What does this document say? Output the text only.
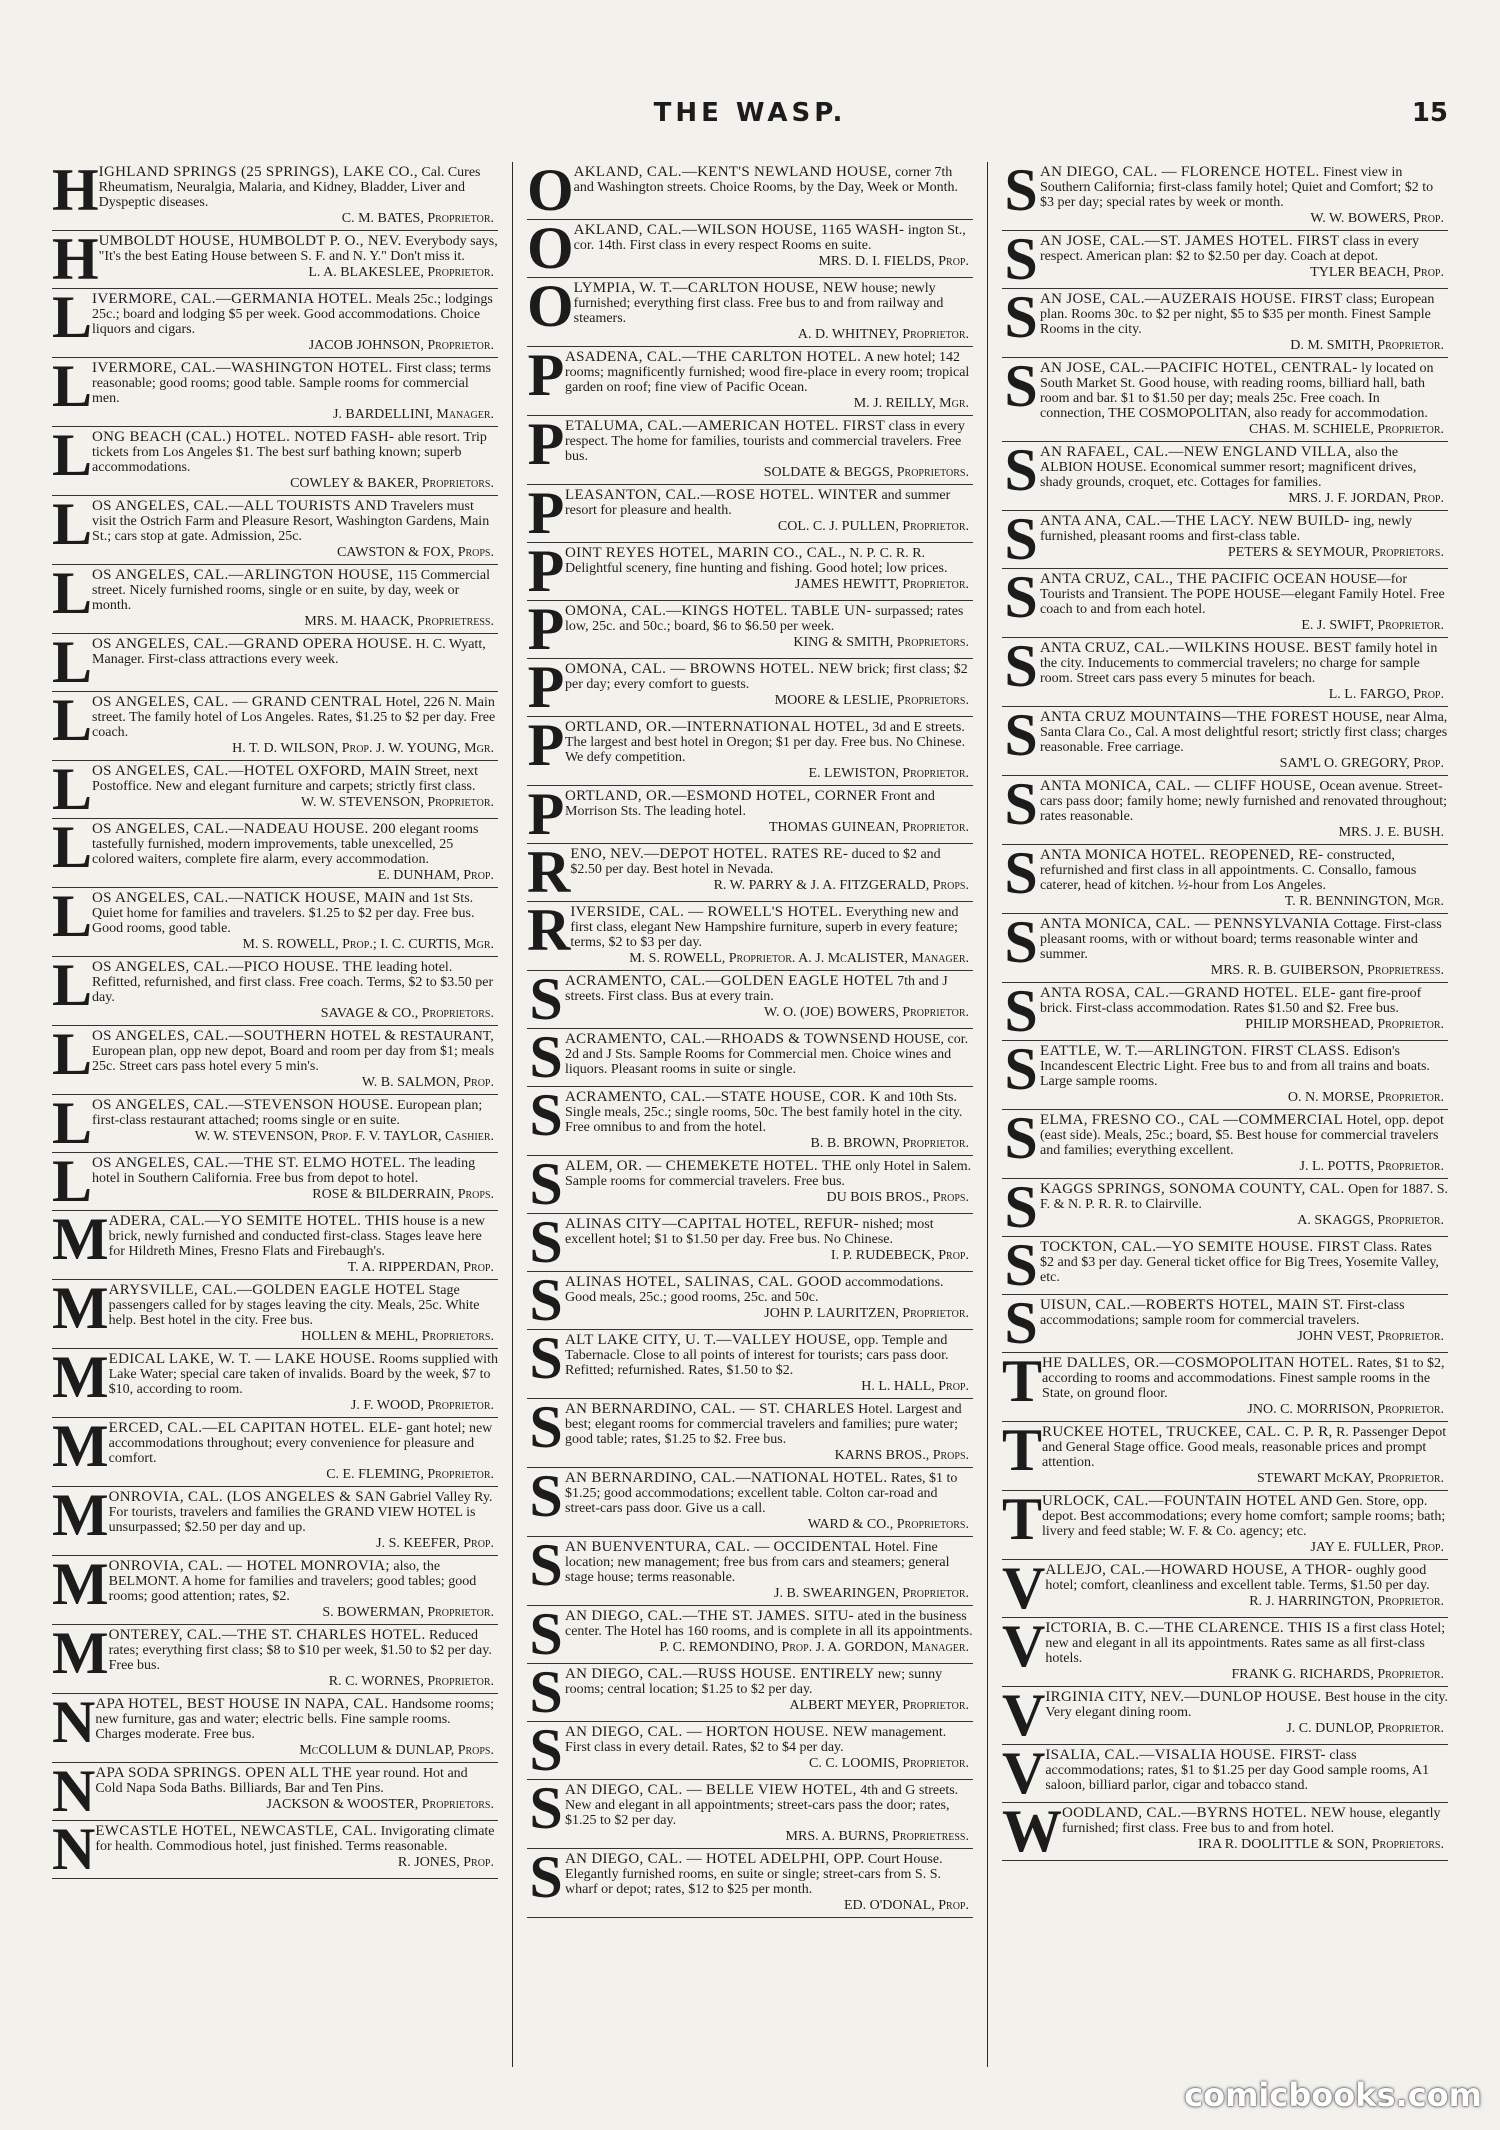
THE WASP.	15
H IGHLAND SPRINGS (25 SPRINGS), LAKE CO., Cal. Cures Rheumatism, Neuralgia, Malaria, and Kidney, Bladder, Liver and Dyspeptic diseases.
C. M. BATES, Proprietor.
H UMBOLDT HOUSE, HUMBOLDT P. O., NEV. Everybody says, "It's the best Eating House between S. F. and N. Y." Don't miss it.
L. A. BLAKESLEE, Proprietor.
L IVERMORE, CAL.—GERMANIA HOTEL. Meals 25c.; lodgings 25c.; board and lodging $5 per week. Good accommodations. Choice liquors and cigars.
JACOB JOHNSON, Proprietor.
L IVERMORE, CAL.—WASHINGTON HOTEL. First class; terms reasonable; good rooms; good table. Sample rooms for commercial men.
J. BARDELLINI, Manager.
L ONG BEACH (CAL.) HOTEL. NOTED FASH- able resort. Trip tickets from Los Angeles $1. The best surf bathing known; superb accommodations.
COWLEY & BAKER, Proprietors.
L OS ANGELES, CAL.—ALL TOURISTS AND Travelers must visit the Ostrich Farm and Pleasure Resort, Washington Gardens, Main St.; cars stop at gate. Admission, 25c.
CAWSTON & FOX, Props.
L OS ANGELES, CAL.—ARLINGTON HOUSE, 115 Commercial street. Nicely furnished rooms, single or en suite, by day, week or month.
MRS. M. HAACK, Proprietress.
L OS ANGELES, CAL.—GRAND OPERA HOUSE. H. C. Wyatt, Manager. First-class attractions every week.
L OS ANGELES, CAL. — GRAND CENTRAL Hotel, 226 N. Main street. The family hotel of Los Angeles. Rates, $1.25 to $2 per day. Free coach.
H. T. D. WILSON, Prop. J. W. YOUNG, Mgr.
L OS ANGELES, CAL.—HOTEL OXFORD, MAIN Street, next Postoffice. New and elegant furniture and carpets; strictly first class.
W. W. STEVENSON, Proprietor.
L OS ANGELES, CAL.—NADEAU HOUSE. 200 elegant rooms tastefully furnished, modern improvements, table unexcelled, 25 colored waiters, complete fire alarm, every accommodation.
E. DUNHAM, Prop.
L OS ANGELES, CAL.—NATICK HOUSE, MAIN and 1st Sts. Quiet home for families and travelers. $1.25 to $2 per day. Free bus. Good rooms, good table.
M. S. ROWELL, Prop.; I. C. CURTIS, Mgr.
L OS ANGELES, CAL.—PICO HOUSE. THE leading hotel. Refitted, refurnished, and first class. Free coach. Terms, $2 to $3.50 per day.
SAVAGE & CO., Proprietors.
L OS ANGELES, CAL.—SOUTHERN HOTEL & RESTAURANT, European plan, opp new depot, Board and room per day from $1; meals 25c. Street cars pass hotel every 5 min's.
W. B. SALMON, Prop.
L OS ANGELES, CAL.—STEVENSON HOUSE. European plan; first-class restaurant attached; rooms single or en suite.
W. W. STEVENSON, Prop. F. V. TAYLOR, Cashier.
L OS ANGELES, CAL.—THE ST. ELMO HOTEL. The leading hotel in Southern California. Free bus from depot to hotel.
ROSE & BILDERRAIN, Props.
M ADERA, CAL.—YO SEMITE HOTEL. THIS house is a new brick, newly furnished and conducted first-class. Stages leave here for Hildreth Mines, Fresno Flats and Firebaugh's.
T. A. RIPPERDAN, Prop.
M ARYSVILLE, CAL.—GOLDEN EAGLE HOTEL Stage passengers called for by stages leaving the city. Meals, 25c. White help. Best hotel in the city. Free bus.
HOLLEN & MEHL, Proprietors.
M EDICAL LAKE, W. T. — LAKE HOUSE. Rooms supplied with Lake Water; special care taken of invalids. Board by the week, $7 to $10, according to room.
J. F. WOOD, Proprietor.
M ERCED, CAL.—EL CAPITAN HOTEL. ELE- gant hotel; new accommodations throughout; every convenience for pleasure and comfort.
C. E. FLEMING, Proprietor.
M ONROVIA, CAL. (LOS ANGELES & SAN Gabriel Valley Ry. For tourists, travelers and families the GRAND VIEW HOTEL is unsurpassed; $2.50 per day and up.
J. S. KEEFER, Prop.
M ONROVIA, CAL. — HOTEL MONROVIA; also, the BELMONT. A home for families and travelers; good tables; good rooms; good attention; rates, $2.
S. BOWERMAN, Proprietor.
M ONTEREY, CAL.—THE ST. CHARLES HOTEL. Reduced rates; everything first class; $8 to $10 per week, $1.50 to $2 per day. Free bus.
R. C. WORNES, Proprietor.
N APA HOTEL, BEST HOUSE IN NAPA, CAL. Handsome rooms; new furniture, gas and water; electric bells. Fine sample rooms. Charges moderate. Free bus.
McCOLLUM & DUNLAP, Props.
N APA SODA SPRINGS. OPEN ALL THE year round. Hot and Cold Napa Soda Baths. Billiards, Bar and Ten Pins.
JACKSON & WOOSTER, Proprietors.
N EWCASTLE HOTEL, NEWCASTLE, CAL. Invigorating climate for health. Commodious hotel, just finished. Terms reasonable.
R. JONES, Prop.
O AKLAND, CAL.—KENT'S NEWLAND HOUSE, corner 7th and Washington streets. Choice Rooms, by the Day, Week or Month.
O AKLAND, CAL.—WILSON HOUSE, 1165 WASH- ington St., cor. 14th. First class in every respect Rooms en suite.
MRS. D. I. FIELDS, Prop.
O LYMPIA, W. T.—CARLTON HOUSE, NEW house; newly furnished; everything first class. Free bus to and from railway and steamers.
A. D. WHITNEY, Proprietor.
P ASADENA, CAL.—THE CARLTON HOTEL. A new hotel; 142 rooms; magnificently furnished; wood fire-place in every room; tropical garden on roof; fine view of Pacific Ocean.
M. J. REILLY, Mgr.
P ETALUMA, CAL.—AMERICAN HOTEL. FIRST class in every respect. The home for families, tourists and commercial travelers. Free bus.
SOLDATE & BEGGS, Proprietors.
P LEASANTON, CAL.—ROSE HOTEL. WINTER and summer resort for pleasure and health.
COL. C. J. PULLEN, Proprietor.
P OINT REYES HOTEL, MARIN CO., CAL., N. P. C. R. R. Delightful scenery, fine hunting and fishing. Good hotel; low prices.
JAMES HEWITT, Proprietor.
P OMONA, CAL.—KINGS HOTEL. TABLE UN- surpassed; rates low, 25c. and 50c.; board, $6 to $6.50 per week.
KING & SMITH, Proprietors.
P OMONA, CAL. — BROWNS HOTEL. NEW brick; first class; $2 per day; every comfort to guests.
MOORE & LESLIE, Proprietors.
P ORTLAND, OR.—INTERNATIONAL HOTEL, 3d and E streets. The largest and best hotel in Oregon; $1 per day. Free bus. No Chinese. We defy competition.
E. LEWISTON, Proprietor.
P ORTLAND, OR.—ESMOND HOTEL, CORNER Front and Morrison Sts. The leading hotel.
THOMAS GUINEAN, Proprietor.
R ENO, NEV.—DEPOT HOTEL. RATES RE- duced to $2 and $2.50 per day. Best hotel in Nevada.
R. W. PARRY & J. A. FITZGERALD, Props.
R IVERSIDE, CAL. — ROWELL'S HOTEL. Everything new and first class, elegant New Hampshire furniture, superb in every feature; terms, $2 to $3 per day.
M. S. ROWELL, Proprietor. A. J. McALISTER, Manager.
S ACRAMENTO, CAL.—GOLDEN EAGLE HOTEL 7th and J streets. First class. Bus at every train.
W. O. (JOE) BOWERS, Proprietor.
S ACRAMENTO, CAL.—RHOADS & TOWNSEND HOUSE, cor. 2d and J Sts. Sample Rooms for Commercial men. Choice wines and liquors. Pleasant rooms in suite or single.
S ACRAMENTO, CAL.—STATE HOUSE, COR. K and 10th Sts. Single meals, 25c.; single rooms, 50c. The best family hotel in the city. Free omnibus to and from the hotel.
B. B. BROWN, Proprietor.
S ALEM, OR. — CHEMEKETE HOTEL. THE only Hotel in Salem. Sample rooms for commercial travelers. Free bus.
DU BOIS BROS., Props.
S ALINAS CITY—CAPITAL HOTEL, REFUR- nished; most excellent hotel; $1 to $1.50 per day. Free bus. No Chinese.
I. P. RUDEBECK, Prop.
S ALINAS HOTEL, SALINAS, CAL. GOOD accommodations. Good meals, 25c.; good rooms, 25c. and 50c.
JOHN P. LAURITZEN, Proprietor.
S ALT LAKE CITY, U. T.—VALLEY HOUSE, opp. Temple and Tabernacle. Close to all points of interest for tourists; cars pass door. Refitted; refurnished. Rates, $1.50 to $2.
H. L. HALL, Prop.
S AN BERNARDINO, CAL. — ST. CHARLES Hotel. Largest and best; elegant rooms for commercial travelers and families; pure water; good table; rates, $1.25 to $2. Free bus.
KARNS BROS., Props.
S AN BERNARDINO, CAL.—NATIONAL HOTEL. Rates, $1 to $1.25; good accommodations; excellent table. Colton car-road and street-cars pass door. Give us a call.
WARD & CO., Proprietors.
S AN BUENVENTURA, CAL. — OCCIDENTAL Hotel. Fine location; new management; free bus from cars and steamers; general stage house; terms reasonable.
J. B. SWEARINGEN, Proprietor.
S AN DIEGO, CAL.—THE ST. JAMES. SITU- ated in the business center. The Hotel has 160 rooms, and is complete in all its appointments.
P. C. REMONDINO, Prop. J. A. GORDON, Manager.
S AN DIEGO, CAL.—RUSS HOUSE. ENTIRELY new; sunny rooms; central location; $1.25 to $2 per day.
ALBERT MEYER, Proprietor.
S AN DIEGO, CAL. — HORTON HOUSE. NEW management. First class in every detail. Rates, $2 to $4 per day.
C. C. LOOMIS, Proprietor.
S AN DIEGO, CAL. — BELLE VIEW HOTEL, 4th and G streets. New and elegant in all appointments; street-cars pass the door; rates, $1.25 to $2 per day.
MRS. A. BURNS, Proprietress.
S AN DIEGO, CAL. — HOTEL ADELPHI, OPP. Court House. Elegantly furnished rooms, en suite or single; street-cars from S. S. wharf or depot; rates, $12 to $25 per month.
ED. O'DONAL, Prop.
S AN DIEGO, CAL. — FLORENCE HOTEL. Finest view in Southern California; first-class family hotel; Quiet and Comfort; $2 to $3 per day; special rates by week or month.
W. W. BOWERS, Prop.
S AN JOSE, CAL.—ST. JAMES HOTEL. FIRST class in every respect. American plan: $2 to $2.50 per day. Coach at depot.
TYLER BEACH, Prop.
S AN JOSE, CAL.—AUZERAIS HOUSE. FIRST class; European plan. Rooms 30c. to $2 per night, $5 to $35 per month. Finest Sample Rooms in the city.
D. M. SMITH, Proprietor.
S AN JOSE, CAL.—PACIFIC HOTEL, CENTRAL- ly located on South Market St. Good house, with reading rooms, billiard hall, bath room and bar. $1 to $1.50 per day; meals 25c. Free coach. In connection, THE COSMOPOLITAN, also ready for accommodation.
CHAS. M. SCHIELE, Proprietor.
S AN RAFAEL, CAL.—NEW ENGLAND VILLA, also the ALBION HOUSE. Economical summer resort; magnificent drives, shady grounds, croquet, etc. Cottages for families.
MRS. J. F. JORDAN, Prop.
S ANTA ANA, CAL.—THE LACY. NEW BUILD- ing, newly furnished, pleasant rooms and first-class table.
PETERS & SEYMOUR, Proprietors.
S ANTA CRUZ, CAL., THE PACIFIC OCEAN HOUSE—for Tourists and Transient. The POPE HOUSE—elegant Family Hotel. Free coach to and from each hotel.
E. J. SWIFT, Proprietor.
S ANTA CRUZ, CAL.—WILKINS HOUSE. BEST family hotel in the city. Inducements to commercial travelers; no charge for sample room. Street cars pass every 5 minutes for beach.
L. L. FARGO, Prop.
S ANTA CRUZ MOUNTAINS—THE FOREST HOUSE, near Alma, Santa Clara Co., Cal. A most delightful resort; strictly first class; charges reasonable. Free carriage.
SAM'L O. GREGORY, Prop.
S ANTA MONICA, CAL. — CLIFF HOUSE, Ocean avenue. Street-cars pass door; family home; newly furnished and renovated throughout; rates reasonable.
MRS. J. E. BUSH.
S ANTA MONICA HOTEL. REOPENED, RE- constructed, refurnished and first class in all appointments. C. Consallo, famous caterer, head of kitchen. ½-hour from Los Angeles.
T. R. BENNINGTON, Mgr.
S ANTA MONICA, CAL. — PENNSYLVANIA Cottage. First-class pleasant rooms, with or without board; terms reasonable winter and summer.
MRS. R. B. GUIBERSON, Proprietress.
S ANTA ROSA, CAL.—GRAND HOTEL. ELE- gant fire-proof brick. First-class accommodation. Rates $1.50 and $2. Free bus.
PHILIP MORSHEAD, Proprietor.
S EATTLE, W. T.—ARLINGTON. FIRST CLASS. Edison's Incandescent Electric Light. Free bus to and from all trains and boats. Large sample rooms.
O. N. MORSE, Proprietor.
S ELMA, FRESNO CO., CAL —COMMERCIAL Hotel, opp. depot (east side). Meals, 25c.; board, $5. Best house for commercial travelers and families; everything excellent.
J. L. POTTS, Proprietor.
S KAGGS SPRINGS, SONOMA COUNTY, CAL. Open for 1887. S. F. & N. P. R. R. to Clairville.
A. SKAGGS, Proprietor.
S TOCKTON, CAL.—YO SEMITE HOUSE. FIRST Class. Rates $2 and $3 per day. General ticket office for Big Trees, Yosemite Valley, etc.
S UISUN, CAL.—ROBERTS HOTEL, MAIN ST. First-class accommodations; sample room for commercial travelers.
JOHN VEST, Proprietor.
T HE DALLES, OR.—COSMOPOLITAN HOTEL. Rates, $1 to $2, according to rooms and accommodations. Finest sample rooms in the State, on ground floor.
JNO. C. MORRISON, Proprietor.
T RUCKEE HOTEL, TRUCKEE, CAL. C. P. R, R. Passenger Depot and General Stage office. Good meals, reasonable prices and prompt attention.
STEWART McKAY, Proprietor.
T URLOCK, CAL.—FOUNTAIN HOTEL AND Gen. Store, opp. depot. Best accommodations; every home comfort; sample rooms; bath; livery and feed stable; W. F. & Co. agency; etc.
JAY E. FULLER, Prop.
V ALLEJO, CAL.—HOWARD HOUSE, A THOR- oughly good hotel; comfort, cleanliness and excellent table. Terms, $1.50 per day.
R. J. HARRINGTON, Proprietor.
V ICTORIA, B. C.—THE CLARENCE. THIS IS a first class Hotel; new and elegant in all its appointments. Rates same as all first-class hotels.
FRANK G. RICHARDS, Proprietor.
V IRGINIA CITY, NEV.—DUNLOP HOUSE. Best house in the city. Very elegant dining room.
J. C. DUNLOP, Proprietor.
V ISALIA, CAL.—VISALIA HOUSE. FIRST- class accommodations; rates, $1 to $1.25 per day Good sample rooms, A1 saloon, billiard parlor, cigar and tobacco stand.
W OODLAND, CAL.—BYRNS HOTEL. NEW house, elegantly furnished; first class. Free bus to and from hotel.
IRA R. DOOLITTLE & SON, Proprietors.
comicbooks.com
